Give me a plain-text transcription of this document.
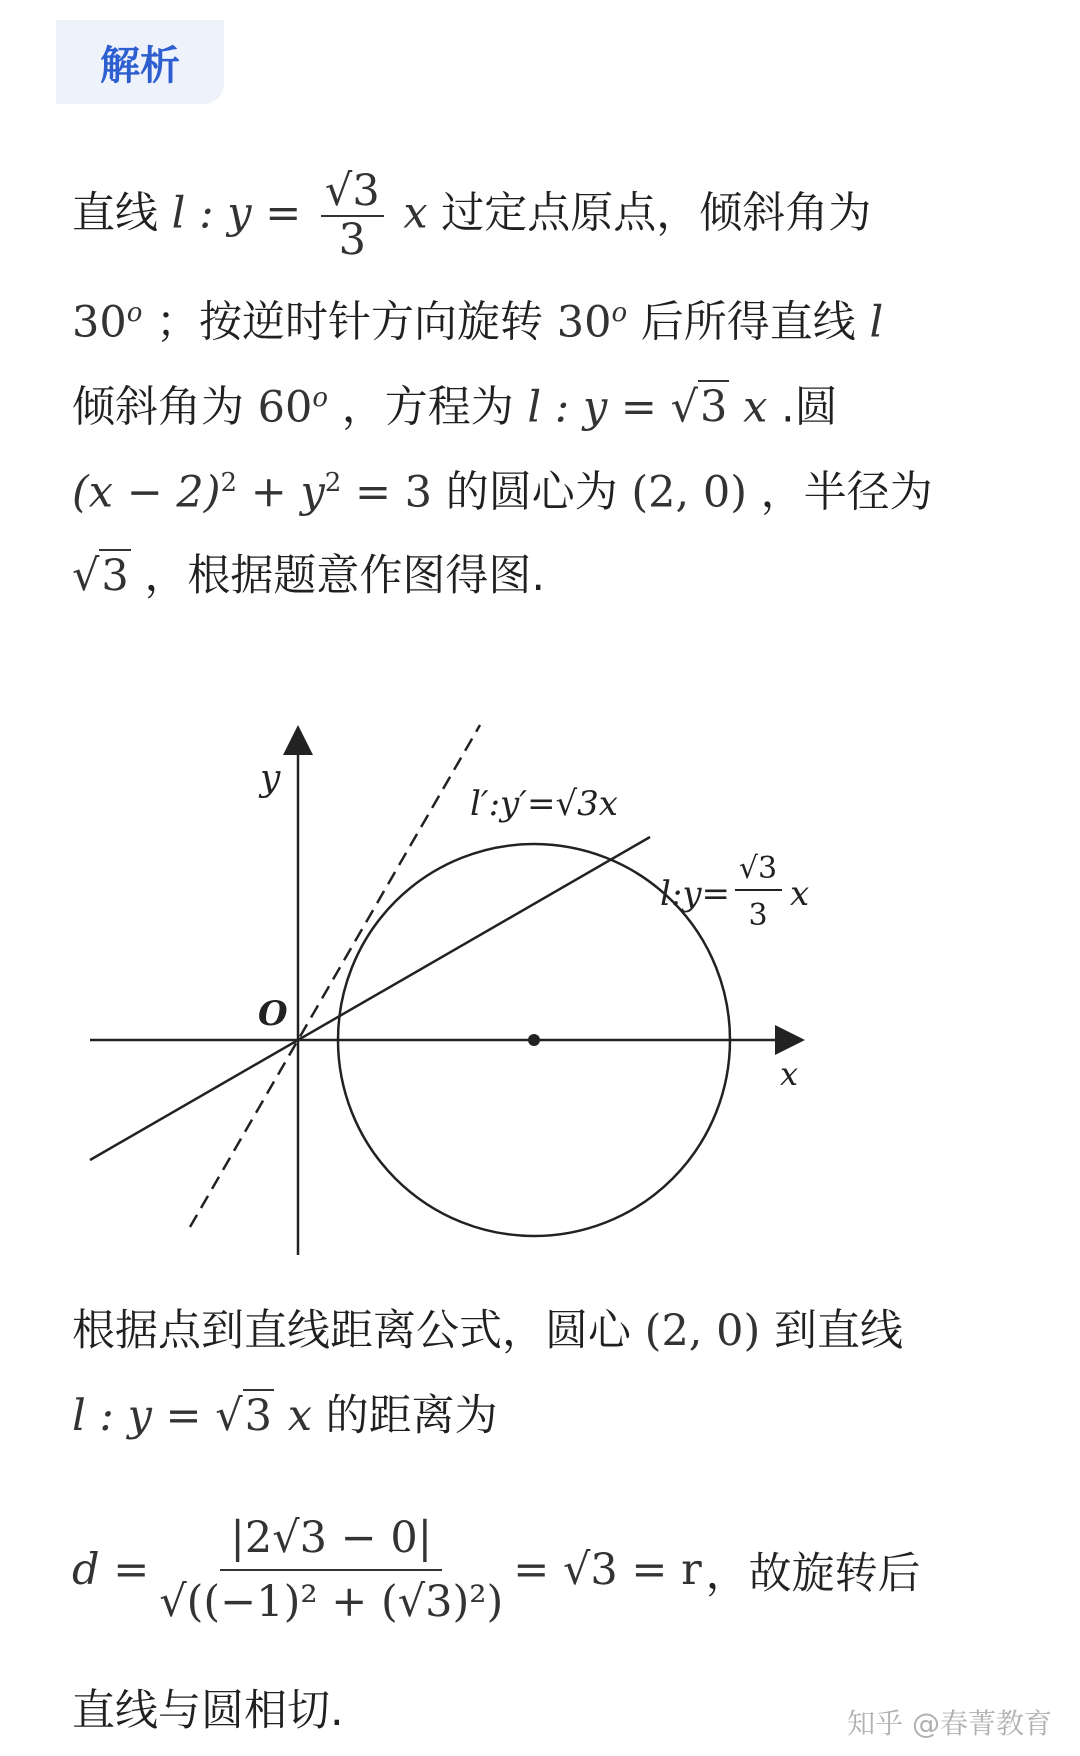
解析
直线 l : $y = \frac{√3}{3}$ x 过定点原点，倾斜角为
30$^o$ ；按逆时针方向旋转 30$^o$ 后所得直线 l
倾斜角为 60$^o$ ，方程为 l : y = √3 x .圆
$(x - 2)^2 + y^2 = 3$ 的圆心为 (2, 0) ，半径为
√3 ，根据题意作图得图.
y
x
O
l′:y′=√3x
l:y=
√3
3
x
根据点到直线距离公式，圆心 (2, 0) 到直线
l : y = √3 x 的距离为
$d = \frac{|2√3 - 0|}{\text{√((−1)² + (√3)²)}} = √3 = r$ ，故旋转后
直线与圆相切.	知乎 @春菁教育
